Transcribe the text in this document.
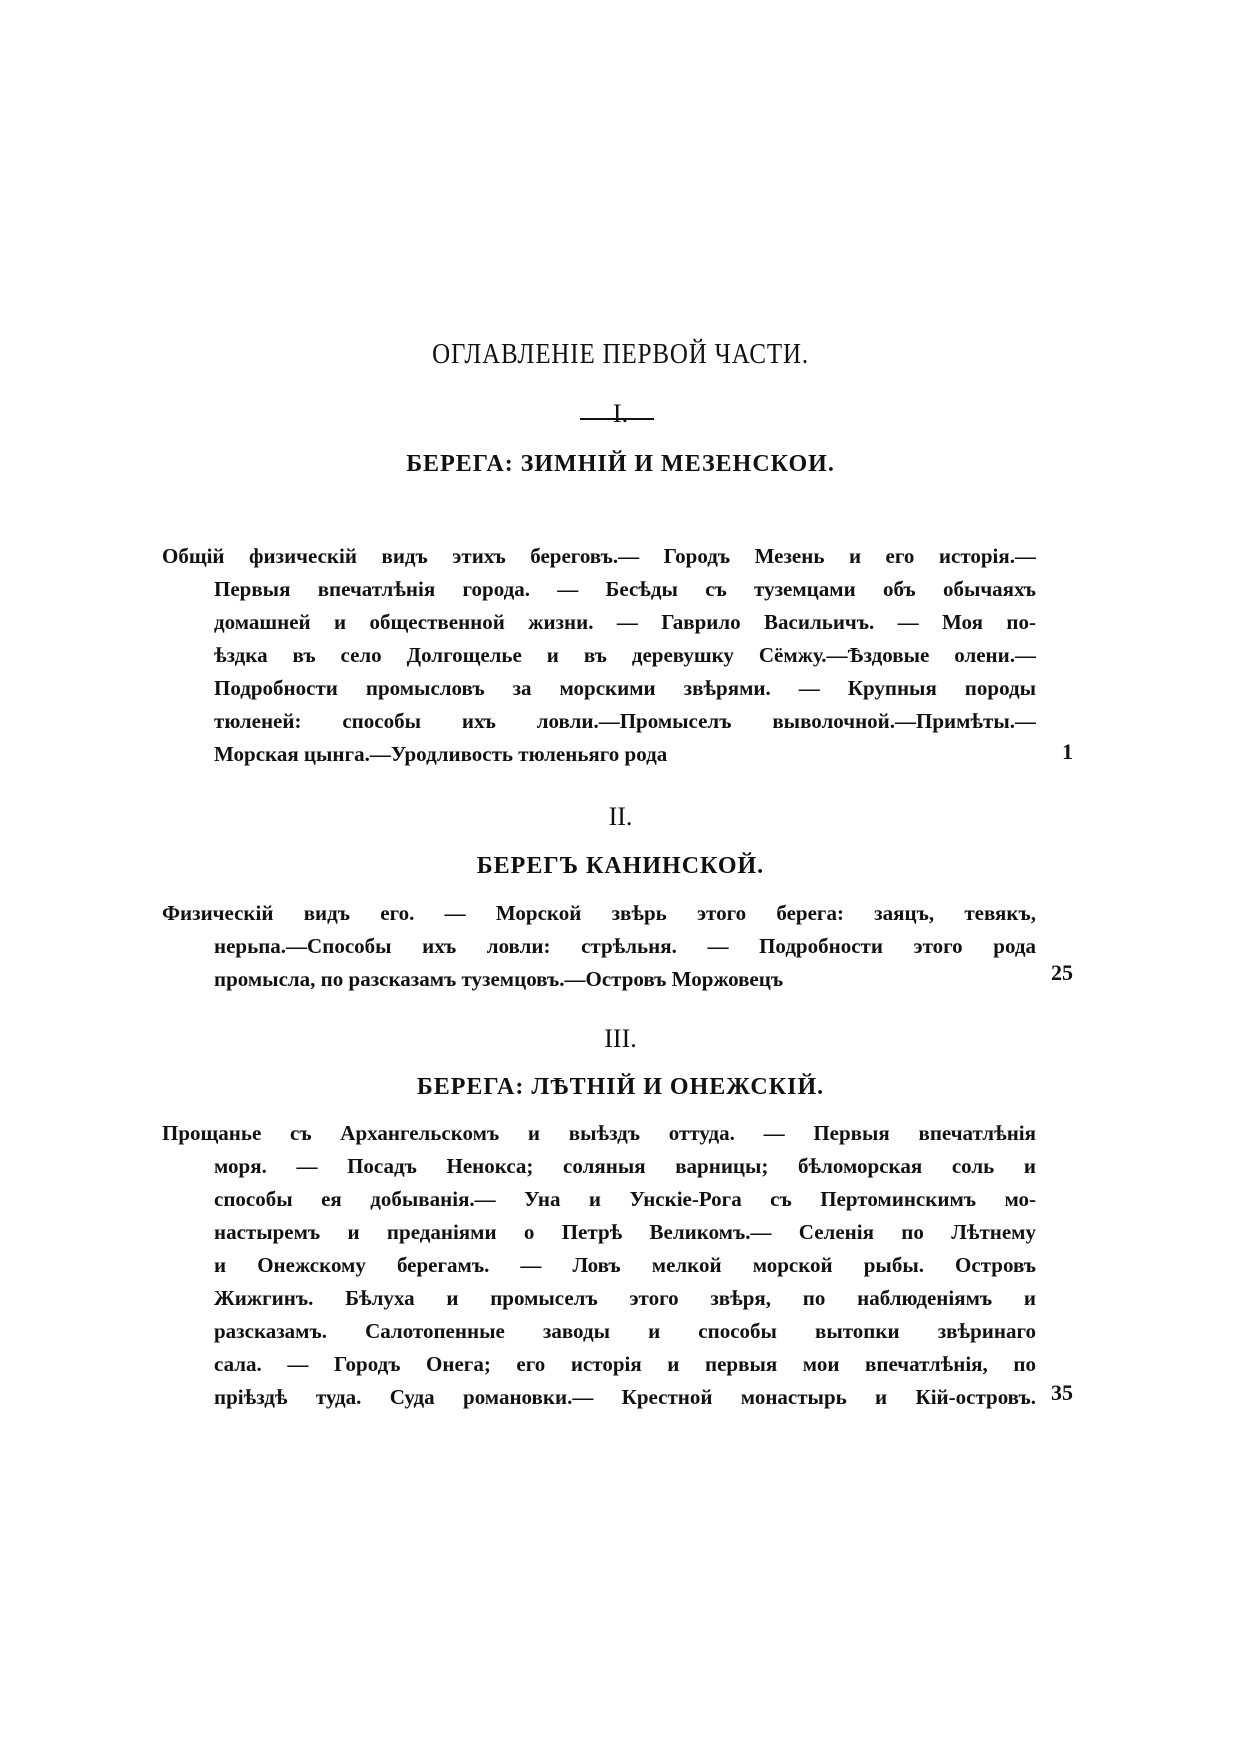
ОГЛАВЛЕНIЕ ПЕРВОЙ ЧАСТИ.
I.
БЕРЕГА: ЗИМНIЙ И МЕЗЕНСКОИ.
Общiй физическiй видъ этихъ береговъ.— Городъ Мезень и его исторiя.—
Первыя впечатлѣнiя города. — Бесѣды съ туземцами объ обычаяхъ
домашней и общественной жизни. — Гаврило Васильичъ. — Моя по-
ѣздка въ село Долгощелье и въ деревушку Сёмжу.—Ѣздовые олени.—
Подробности промысловъ за морскими звѣрями. — Крупныя породы
тюленей: способы ихъ ловли.—Промыселъ выволочной.—Примѣты.—
Морская цынга.—Уродливость тюленьяго рода	1
II.
БЕРЕГЪ КАНИНСКОЙ.
Физическiй видъ его. — Морской звѣрь этого берега: заяцъ, тевякъ,
нерьпа.—Способы ихъ ловли: стрѣльня. — Подробности этого рода
промысла, по разсказамъ туземцовъ.—Островъ Моржовецъ	25
III.
БЕРЕГА: ЛѢТНIЙ И ОНЕЖСКIЙ.
Прощанье съ Архангельскомъ и выѣздъ оттуда. — Первыя впечатлѣнiя
моря. — Посадъ Ненокса; соляныя варницы; бѣломорская соль и
способы ея добыванiя.— Уна и Унскiе-Рога съ Пертоминскимъ мо-
настыремъ и преданiями о Петрѣ Великомъ.— Селенiя по Лѣтнему
и Онежскому берегамъ. — Ловъ мелкой морской рыбы. Островъ
Жижгинъ. Бѣлуха и промыселъ этого звѣря, по наблюденiямъ и
разсказамъ. Салотопенные заводы и способы вытопки звѣринаго
сала. — Городъ Онега; его исторiя и первыя мои впечатлѣнiя, по
прiѣздѣ туда. Суда романовки.— Крестной монастырь и Кiй-островъ. 35
